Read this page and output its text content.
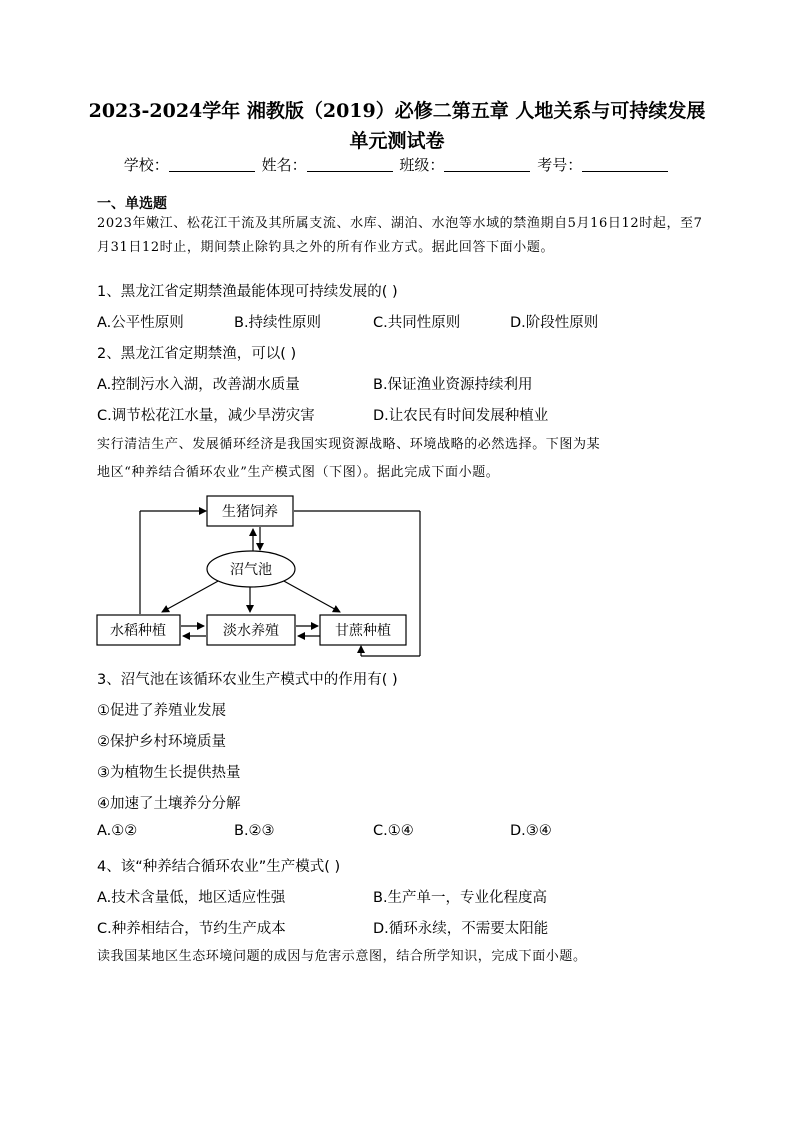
2023-2024学年 湘教版（2019）必修二第五章 人地关系与可持续发展
单元测试卷
学校：	姓名：	班级：	考号：
一、单选题
2023年嫩江、松花江干流及其所属支流、水库、湖泊、水泡等水域的禁渔期自5月16日12时起，至7月31日12时止，期间禁止除钓具之外的所有作业方式。据此回答下面小题。
1、黑龙江省定期禁渔最能体现可持续发展的( )
A.公平性原则	B.持续性原则	C.共同性原则	D.阶段性原则
2、黑龙江省定期禁渔，可以( )
A.控制污水入湖，改善湖水质量	B.保证渔业资源持续利用
C.调节松花江水量，减少旱涝灾害	D.让农民有时间发展种植业
实行清洁生产、发展循环经济是我国实现资源战略、环境战略的必然选择。下图为某
地区“种养结合循环农业”生产模式图（下图）。据此完成下面小题。
生猪饲养
沼气池
水稻种植	淡水养殖	甘蔗种植
3、沼气池在该循环农业生产模式中的作用有( )
①促进了养殖业发展
②保护乡村环境质量
③为植物生长提供热量
④加速了土壤养分分解
A.①②	B.②③	C.①④	D.③④
4、该“种养结合循环农业”生产模式( )
A.技术含量低，地区适应性强	B.生产单一，专业化程度高
C.种养相结合，节约生产成本	D.循环永续，不需要太阳能
读我国某地区生态环境问题的成因与危害示意图，结合所学知识，完成下面小题。
